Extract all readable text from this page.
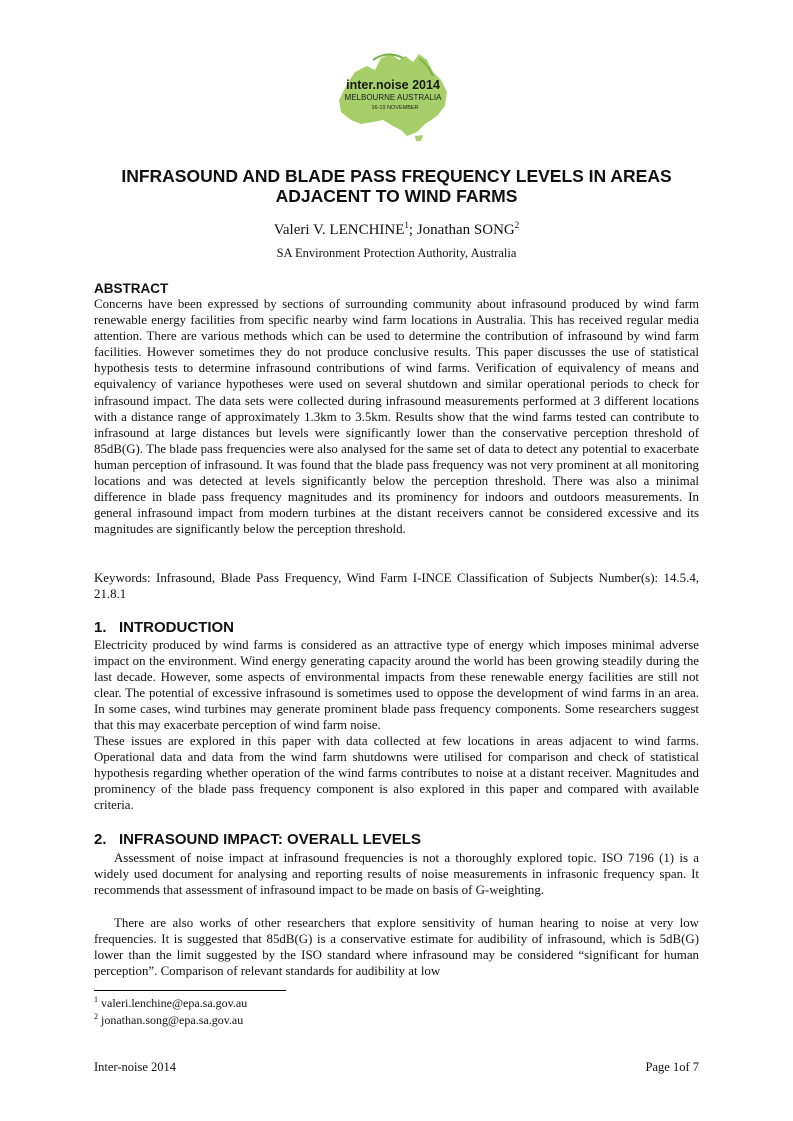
inter.noise 2014
MELBOURNE AUSTRALIA
16-19 NOVEMBER
INFRASOUND AND BLADE PASS FREQUENCY LEVELS IN AREAS ADJACENT TO WIND FARMS
Valeri V. LENCHINE$^1$; Jonathan SONG$^2$
SA Environment Protection Authority, Australia
ABSTRACT

Concerns have been expressed by sections of surrounding community about infrasound produced by wind farm renewable energy facilities from specific nearby wind farm locations in Australia. This has received regular media attention. There are various methods which can be used to determine the contribution of infrasound by wind farm facilities. However sometimes they do not produce conclusive results. This paper discusses the use of statistical hypothesis tests to determine infrasound contributions of wind farms. Verification of equivalency of means and equivalency of variance hypotheses were used on several shutdown and similar operational periods to check for infrasound impact. The data sets were collected during infrasound measurements performed at 3 different locations with a distance range of approximately 1.3km to 3.5km. Results show that the wind farms tested can contribute to infrasound at large distances but levels were significantly lower than the conservative perception threshold of 85dB(G). The blade pass frequencies were also analysed for the same set of data to detect any potential to exacerbate human perception of infrasound. It was found that the blade pass frequency was not very prominent at all monitoring locations and was detected at levels significantly below the perception threshold. There was also a minimal difference in blade pass frequency magnitudes and its prominency for indoors and outdoors measurements. In general infrasound impact from modern turbines at the distant receivers cannot be considered excessive and its magnitudes are significantly below the perception threshold.

Keywords: Infrasound, Blade Pass Frequency, Wind Farm I-INCE Classification of Subjects Number(s): 14.5.4, 21.8.1

1.   INTRODUCTION

Electricity produced by wind farms is considered as an attractive type of energy which imposes minimal adverse impact on the environment. Wind energy generating capacity around the world has been growing steadily during the last decade. However, some aspects of environmental impacts from these renewable energy facilities are still not clear. The potential of excessive infrasound is sometimes used to oppose the development of wind farms in an area. In some cases, wind turbines may generate prominent blade pass frequency components. Some researchers suggest that this may exacerbate perception of wind farm noise.

These issues are explored in this paper with data collected at few locations in areas adjacent to wind farms. Operational data and data from the wind farm shutdowns were utilised for comparison and check of statistical hypothesis regarding whether operation of the wind farms contributes to noise at a distant receiver. Magnitudes and prominency of the blade pass frequency component is also explored in this paper and compared with available criteria.

2.   INFRASOUND IMPACT: OVERALL LEVELS

Assessment of noise impact at infrasound frequencies is not a thoroughly explored topic. ISO 7196 (1) is a widely used document for analysing and reporting results of noise measurements in infrasonic frequency span. It recommends that assessment of infrasound impact to be made on basis of G-weighting.

There are also works of other researchers that explore sensitivity of human hearing to noise at very low frequencies. It is suggested that 85dB(G) is a conservative estimate for audibility of infrasound, which is 5dB(G) lower than the limit suggested by the ISO standard where infrasound may be considered “significant for human perception”. Comparison of relevant standards for audibility at low

$^1$ valeri.lenchine@epa.sa.gov.au
$^2$ jonathan.song@epa.sa.gov.au
Inter-noise 2014	Page 1of 7
